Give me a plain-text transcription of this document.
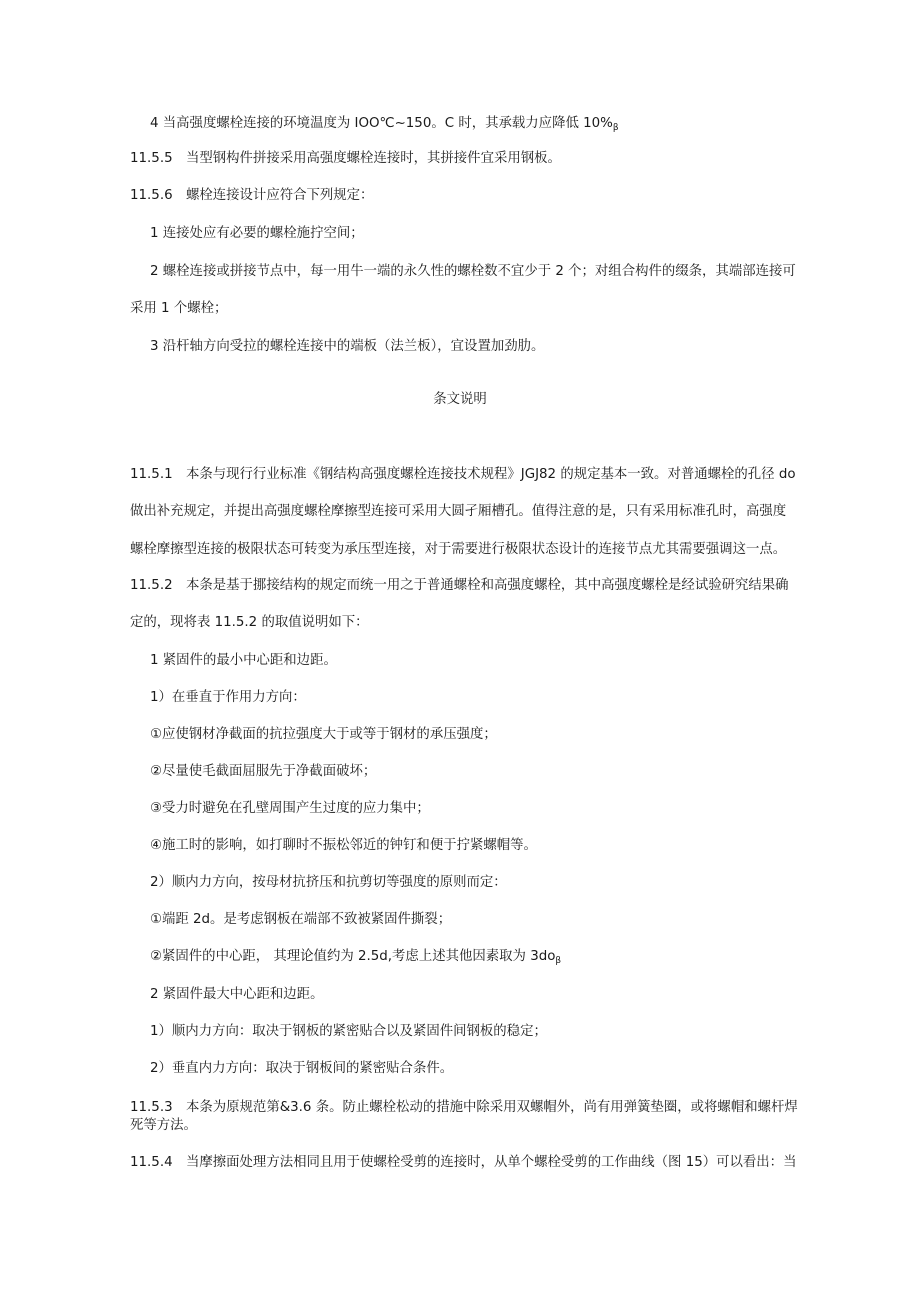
4 当高强度螺栓连接的环境温度为 IOO℃~150。C 时，其承载力应降低 $10\%_\beta$
11.5.5　当型钢构件拼接采用高强度螺栓连接时，其拼接件宜采用钢板。
11.5.6　螺栓连接设计应符合下列规定：
1 连接处应有必要的螺栓施拧空间；
2 螺栓连接或拼接节点中，每一用牛一端的永久性的螺栓数不宜少于 2 个；对组合构件的缀条，其端部连接可
采用 1 个螺栓；
3 沿杆轴方向受拉的螺栓连接中的端板（法兰板），宜设置加劲肋。
条文说明
11.5.1　本条与现行行业标准《钢结构高强度螺栓连接技术规程》JGJ82 的规定基本一致。对普通螺栓的孔径 do
做出补充规定，并提出高强度螺栓摩擦型连接可采用大圆孑厢槽孔。值得注意的是，只有采用标准孔时，高强度
螺栓摩擦型连接的极限状态可转变为承压型连接，对于需要进行极限状态设计的连接节点尤其需要强调这一点。
11.5.2　本条是基于挪接结构的规定而统一用之于普通螺栓和高强度螺栓，其中高强度螺栓是经试验研究结果确
定的，现将表 11.5.2 的取值说明如下：
1 紧固件的最小中心距和边距。
1）在垂直于作用力方向：
①应使钢材净截面的抗拉强度大于或等于钢材的承压强度；
②尽量使毛截面屈服先于净截面破坏；
③受力时避免在孔壁周围产生过度的应力集中；
④施工时的影响，如打聊时不振松邻近的钟钉和便于拧紧螺帽等。
2）顺内力方向，按母材抗挤压和抗剪切等强度的原则而定：
①端距 2d。是考虑钢板在端部不致被紧固件撕裂；
②紧固件的中心距， 其理论值约为 2.5d,考虑上述其他因素取为 $3do_\beta$
2 紧固件最大中心距和边距。
1）顺内力方向：取决于钢板的紧密贴合以及紧固件间钢板的稳定；
2）垂直内力方向：取决于钢板间的紧密贴合条件。
11.5.3　本条为原规范第&3.6 条。防止螺栓松动的措施中除采用双螺帽外，尚有用弹簧垫圈，或将螺帽和螺杆焊
死等方法。
11.5.4　当摩擦面处理方法相同且用于使螺栓受剪的连接时，从单个螺栓受剪的工作曲线（图 15）可以看出：当
